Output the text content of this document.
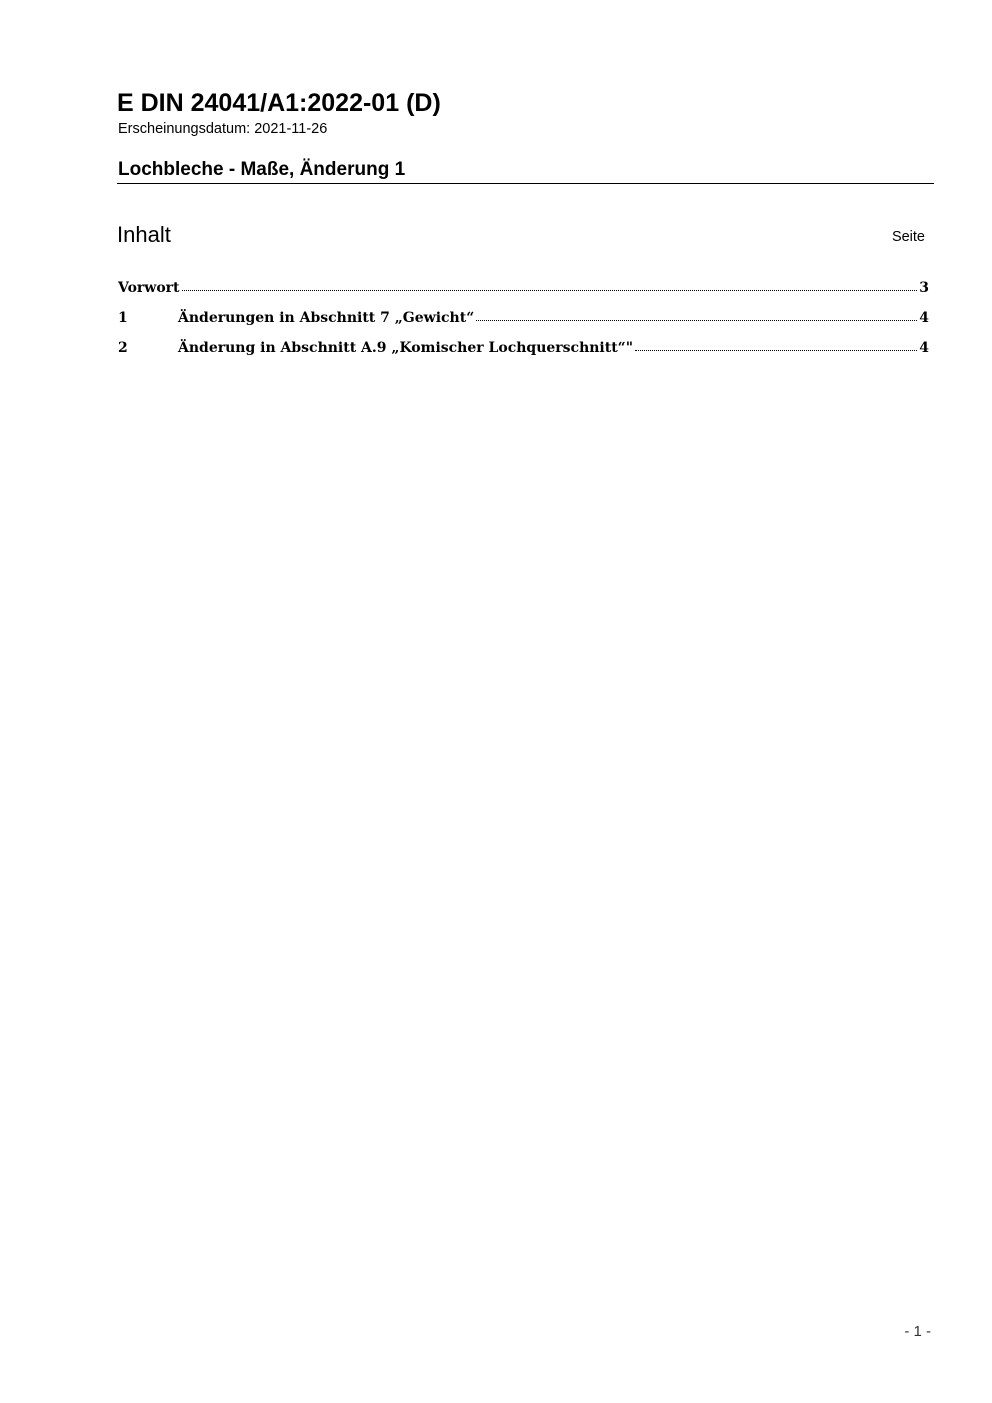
E DIN 24041/A1:2022-01 (D)
Erscheinungsdatum: 2021-11-26
Lochbleche - Maße, Änderung 1
Inhalt	Seite
Vorwort	3
1	Änderungen in Abschnitt 7 „Gewicht“	4
2	Änderung in Abschnitt A.9 „Komischer Lochquerschnitt“"	4
- 1 -
